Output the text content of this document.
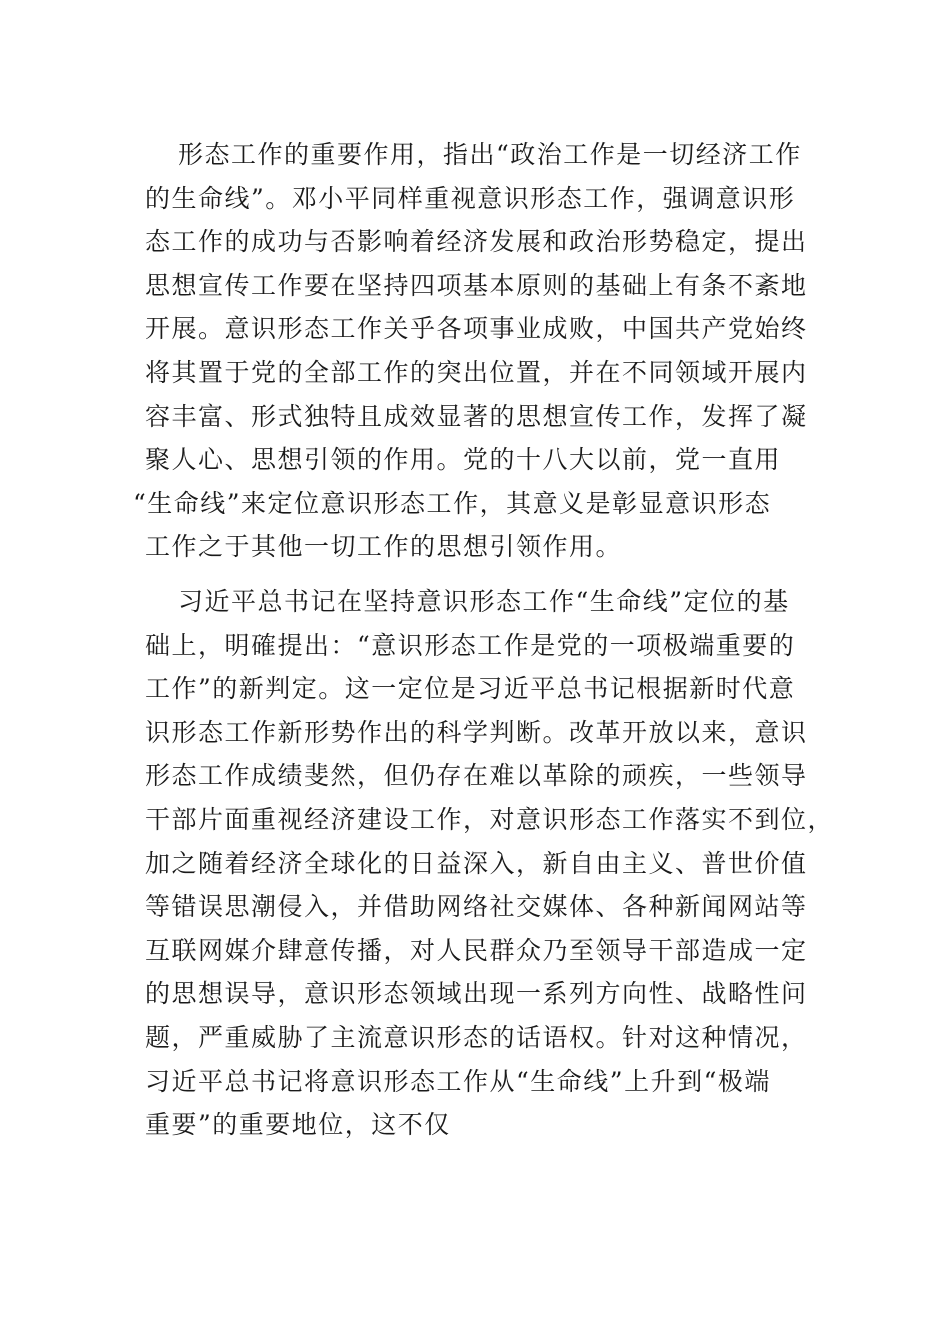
形态工作的重要作用，指出“政治工作是一切经济工作
的生命线”。邓小平同样重视意识形态工作，强调意识形
态工作的成功与否影响着经济发展和政治形势稳定，提出
思想宣传工作要在坚持四项基本原则的基础上有条不紊地
开展。意识形态工作关乎各项事业成败，中国共产党始终
将其置于党的全部工作的突出位置，并在不同领域开展内
容丰富、形式独特且成效显著的思想宣传工作，发挥了凝
聚人心、思想引领的作用。党的十八大以前，党一直用
“生命线”来定位意识形态工作，其意义是彰显意识形态
工作之于其他一切工作的思想引领作用。
习近平总书记在坚持意识形态工作“生命线”定位的基
础上，明確提出：“意识形态工作是党的一项极端重要的
工作”的新判定。这一定位是习近平总书记根据新时代意
识形态工作新形势作出的科学判断。改革开放以来，意识
形态工作成绩斐然，但仍存在难以革除的顽疾，一些领导
干部片面重视经济建设工作，对意识形态工作落实不到位，
加之随着经济全球化的日益深入，新自由主义、普世价值
等错误思潮侵入，并借助网络社交媒体、各种新闻网站等
互联网媒介肆意传播，对人民群众乃至领导干部造成一定
的思想误导，意识形态领域出现一系列方向性、战略性问
题，严重威胁了主流意识形态的话语权。针对这种情况，
习近平总书记将意识形态工作从“生命线”上升到“极端
重要”的重要地位，这不仅
